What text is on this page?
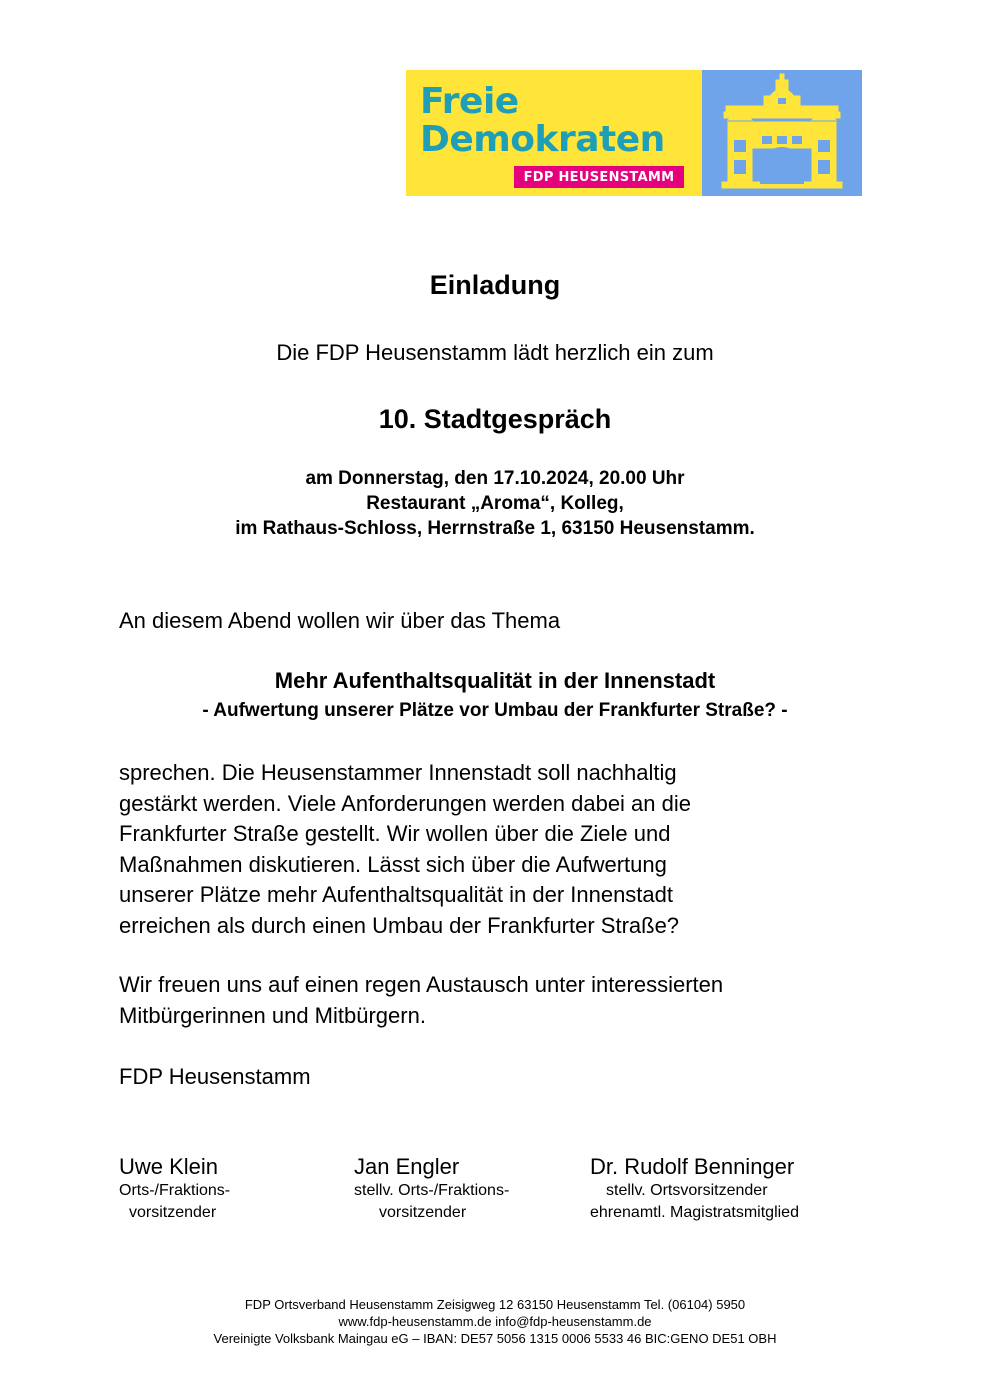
Freie
Demokraten
FDP HEUSENSTAMM
Einladung
Die FDP Heusenstamm lädt herzlich ein zum
10. Stadtgespräch
am Donnerstag, den 17.10.2024, 20.00 Uhr
Restaurant „Aroma“, Kolleg,
im Rathaus-Schloss, Herrnstraße 1, 63150 Heusenstamm.
An diesem Abend wollen wir über das Thema
Mehr Aufenthaltsqualität in der Innenstadt
- Aufwertung unserer Plätze vor Umbau der Frankfurter Straße? -
sprechen. Die Heusenstammer Innenstadt soll nachhaltig
gestärkt werden. Viele Anforderungen werden dabei an die
Frankfurter Straße gestellt. Wir wollen über die Ziele und
Maßnahmen diskutieren. Lässt sich über die Aufwertung
unserer Plätze mehr Aufenthaltsqualität in der Innenstadt
erreichen als durch einen Umbau der Frankfurter Straße?
Wir freuen uns auf einen regen Austausch unter interessierten
Mitbürgerinnen und Mitbürgern.
FDP Heusenstamm
Uwe Klein
Orts-/Fraktions-
vorsitzender
Jan Engler
stellv. Orts-/Fraktions-
vorsitzender
Dr. Rudolf Benninger
stellv. Ortsvorsitzender
ehrenamtl. Magistratsmitglied
FDP Ortsverband Heusenstamm Zeisigweg 12 63150 Heusenstamm Tel. (06104) 5950
www.fdp-heusenstamm.de info@fdp-heusenstamm.de
Vereinigte Volksbank Maingau eG – IBAN: DE57 5056 1315 0006 5533 46 BIC:GENO DE51 OBH
